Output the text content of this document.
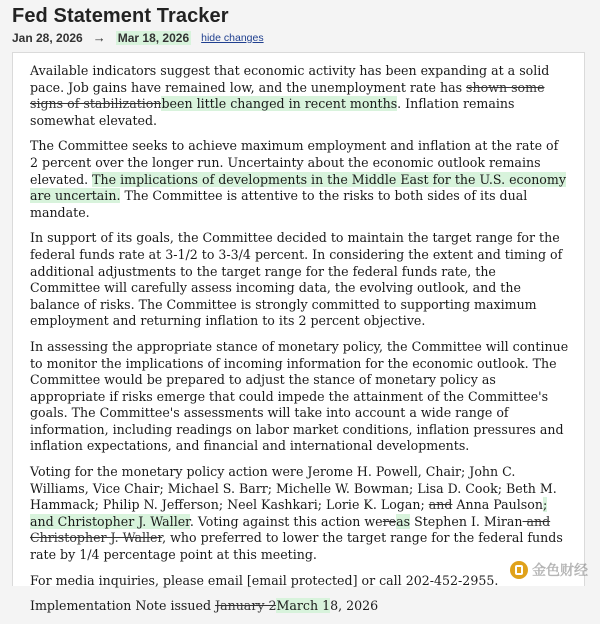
Fed Statement Tracker
Jan 28, 2026 → Mar 18, 2026 hide changes

Available indicators suggest that economic activity has been expanding at a solid pace. Job gains have remained low, and the unemployment rate has shown some signs of stabilizationbeen little changed in recent months. Inflation remains somewhat elevated.

The Committee seeks to achieve maximum employment and inflation at the rate of 2 percent over the longer run. Uncertainty about the economic outlook remains elevated. The implications of developments in the Middle East for the U.S. economy are uncertain. The Committee is attentive to the risks to both sides of its dual mandate.

In support of its goals, the Committee decided to maintain the target range for the federal funds rate at 3-1/2 to 3-3/4 percent. In considering the extent and timing of additional adjustments to the target range for the federal funds rate, the Committee will carefully assess incoming data, the evolving outlook, and the balance of risks. The Committee is strongly committed to supporting maximum employment and returning inflation to its 2 percent objective.

In assessing the appropriate stance of monetary policy, the Committee will continue to monitor the implications of incoming information for the economic outlook. The Committee would be prepared to adjust the stance of monetary policy as appropriate if risks emerge that could impede the attainment of the Committee's goals. The Committee's assessments will take into account a wide range of information, including readings on labor market conditions, inflation pressures and inflation expectations, and financial and international developments.

Voting for the monetary policy action were Jerome H. Powell, Chair; John C. Williams, Vice Chair; Michael S. Barr; Michelle W. Bowman; Lisa D. Cook; Beth M. Hammack; Philip N. Jefferson; Neel Kashkari; Lorie K. Logan; and Anna Paulson; and Christopher J. Waller. Voting against this action wereas Stephen I. Miran and Christopher J. Waller, who preferred to lower the target range for the federal funds rate by 1/4 percentage point at this meeting.

For media inquiries, please email [email protected] or call 202-452-2955.

Implementation Note issued January 2March 18, 2026

金色财经
